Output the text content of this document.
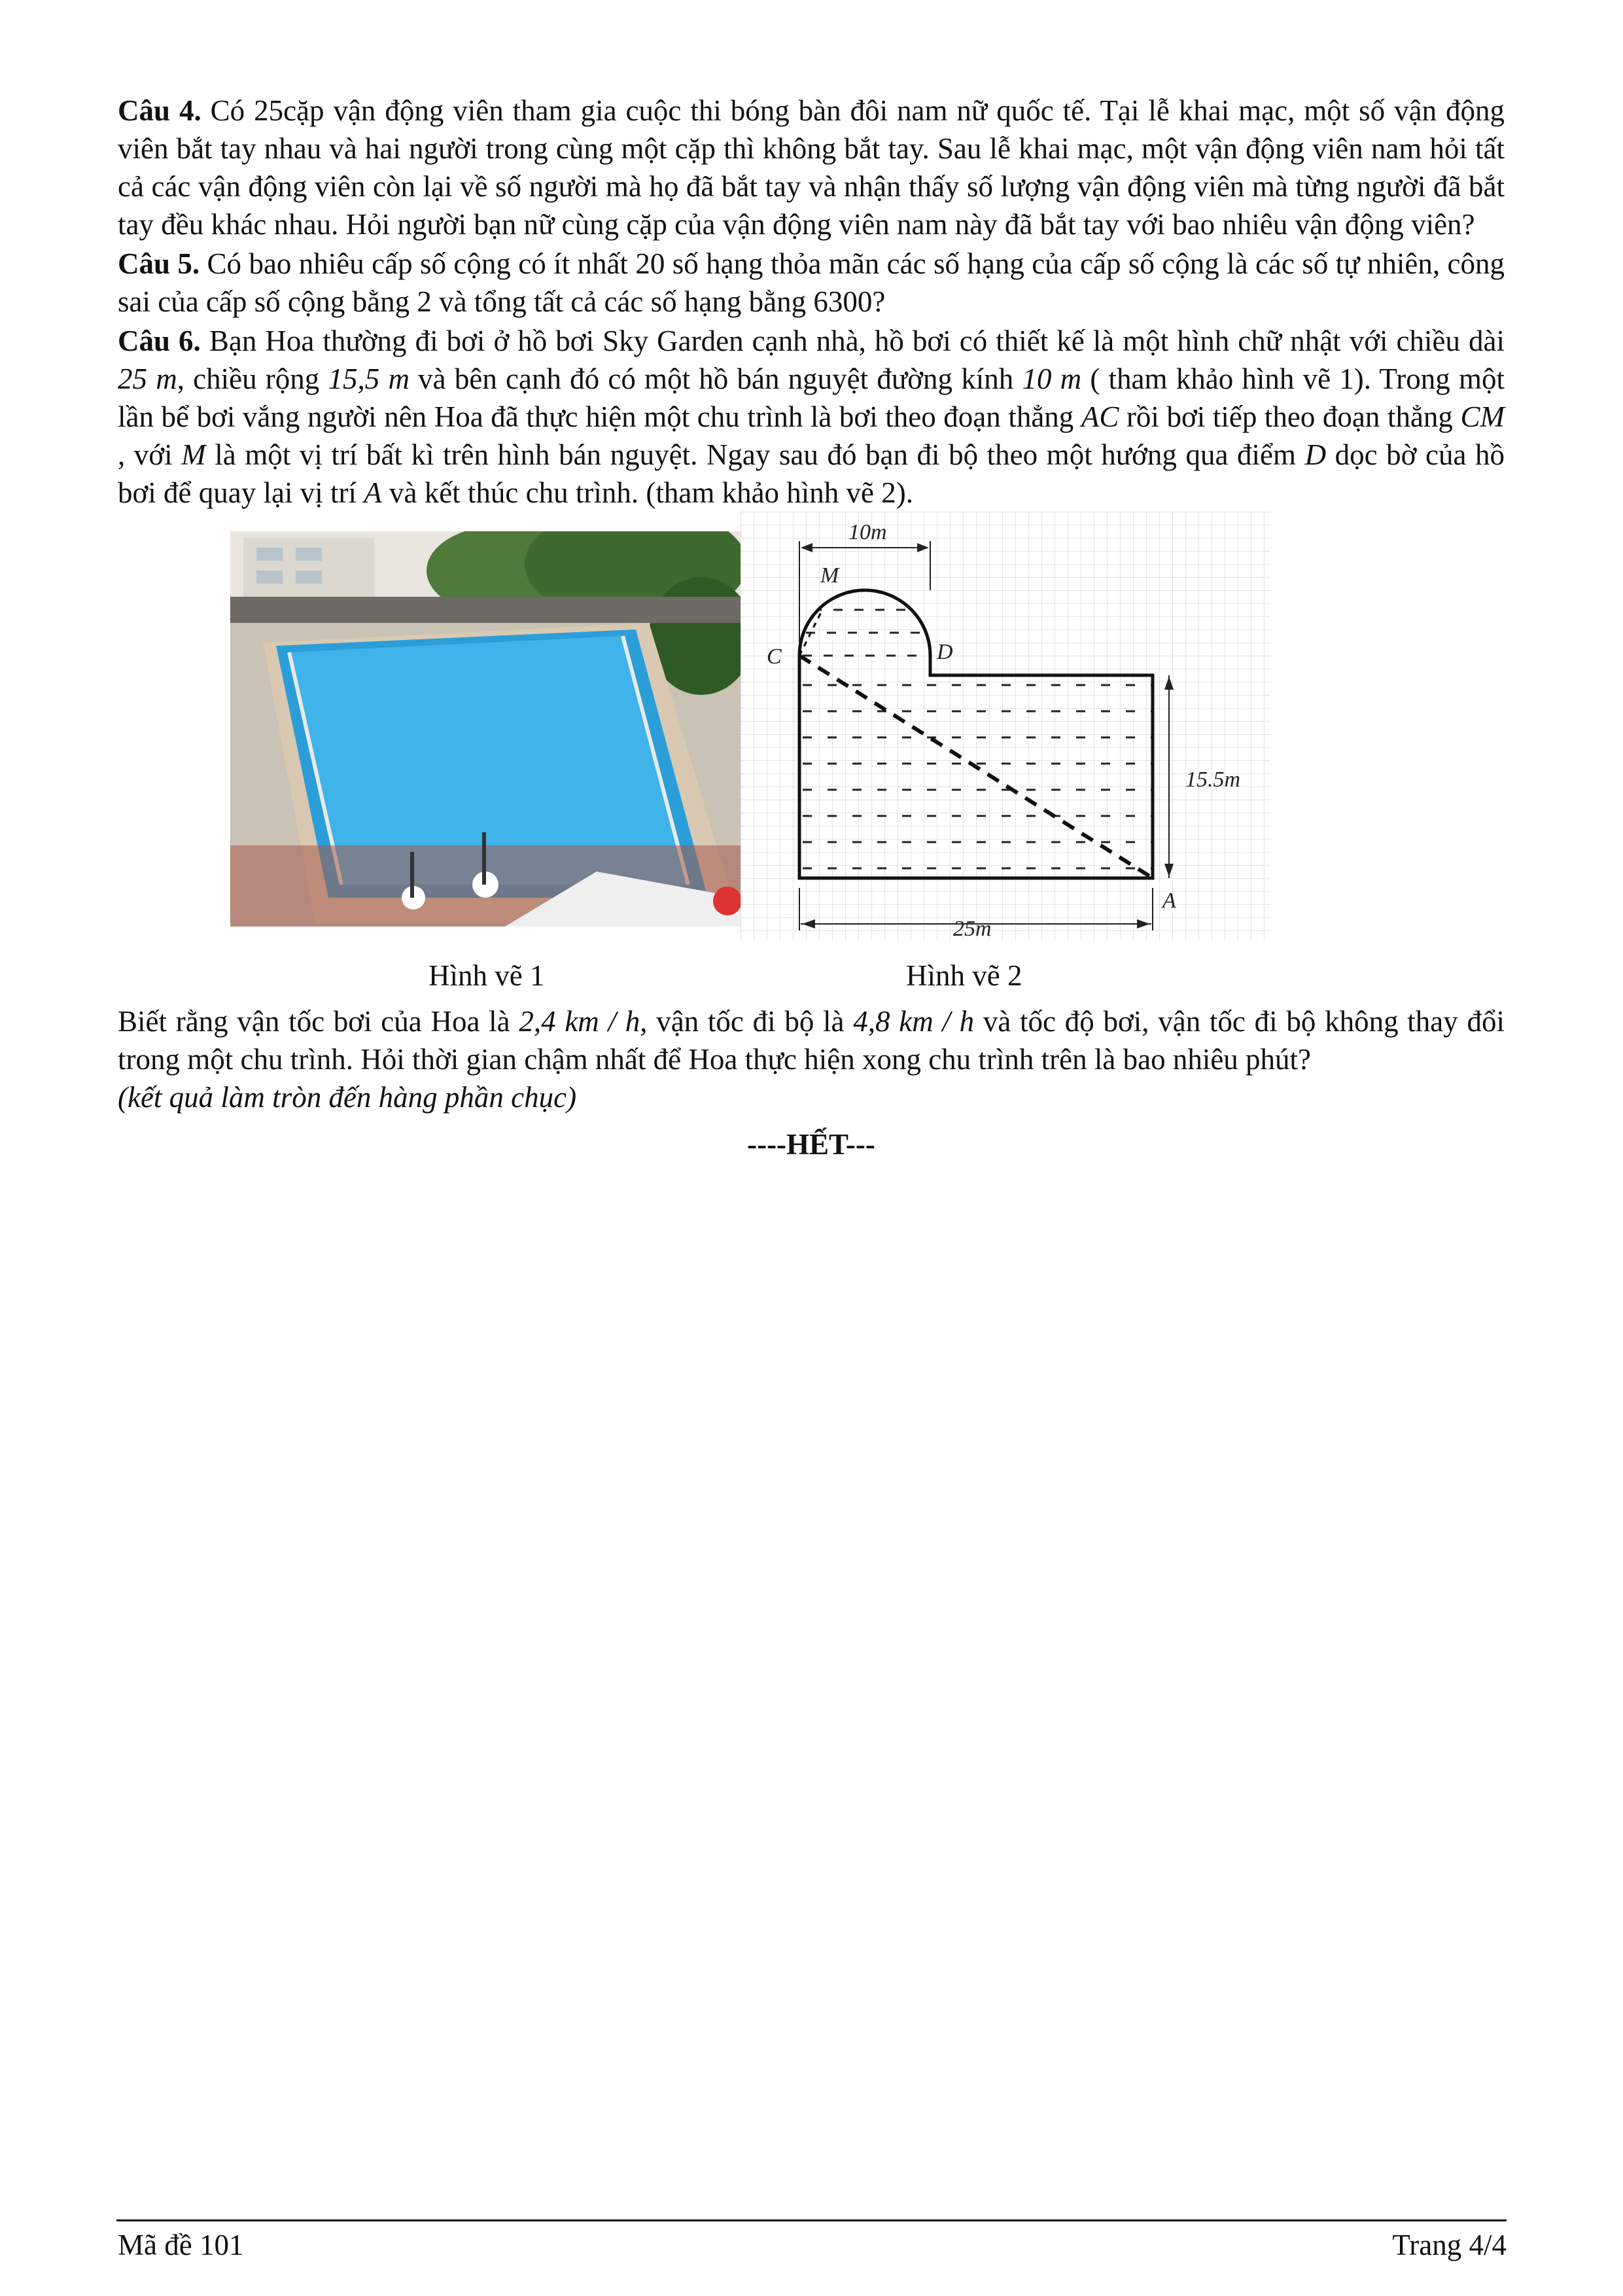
Câu 4. Có 25cặp vận động viên tham gia cuộc thi bóng bàn đôi nam nữ quốc tế. Tại lễ khai mạc, một số vận động viên bắt tay nhau và hai người trong cùng một cặp thì không bắt tay. Sau lễ khai mạc, một vận động viên nam hỏi tất cả các vận động viên còn lại về số người mà họ đã bắt tay và nhận thấy số lượng vận động viên mà từng người đã bắt tay đều khác nhau. Hỏi người bạn nữ cùng cặp của vận động viên nam này đã bắt tay với bao nhiêu vận động viên?

Câu 5. Có bao nhiêu cấp số cộng có ít nhất 20 số hạng thỏa mãn các số hạng của cấp số cộng là các số tự nhiên, công sai của cấp số cộng bằng 2 và tổng tất cả các số hạng bằng 6300?

Câu 6. Bạn Hoa thường đi bơi ở hồ bơi Sky Garden cạnh nhà, hồ bơi có thiết kế là một hình chữ nhật với chiều dài 25 m, chiều rộng 15,5 m và bên cạnh đó có một hồ bán nguyệt đường kính 10 m ( tham khảo hình vẽ 1). Trong một lần bể bơi vắng người nên Hoa đã thực hiện một chu trình là bơi theo đoạn thẳng AC rồi bơi tiếp theo đoạn thẳng CM , với M là một vị trí bất kì trên hình bán nguyệt. Ngay sau đó bạn đi bộ theo một hướng qua điểm D dọc bờ của hồ bơi để quay lại vị trí A và kết thúc chu trình. (tham khảo hình vẽ 2).

10m
15.5m
25m
M
C	D
A
Hình vẽ 1	Hình vẽ 2

Biết rằng vận tốc bơi của Hoa là 2,4 km / h, vận tốc đi bộ là 4,8 km / h và tốc độ bơi, vận tốc đi bộ không thay đổi trong một chu trình. Hỏi thời gian chậm nhất để Hoa thực hiện xong chu trình trên là bao nhiêu phút?
(kết quả làm tròn đến hàng phần chục)

----HẾT---
Mã đề 101	Trang 4/4
